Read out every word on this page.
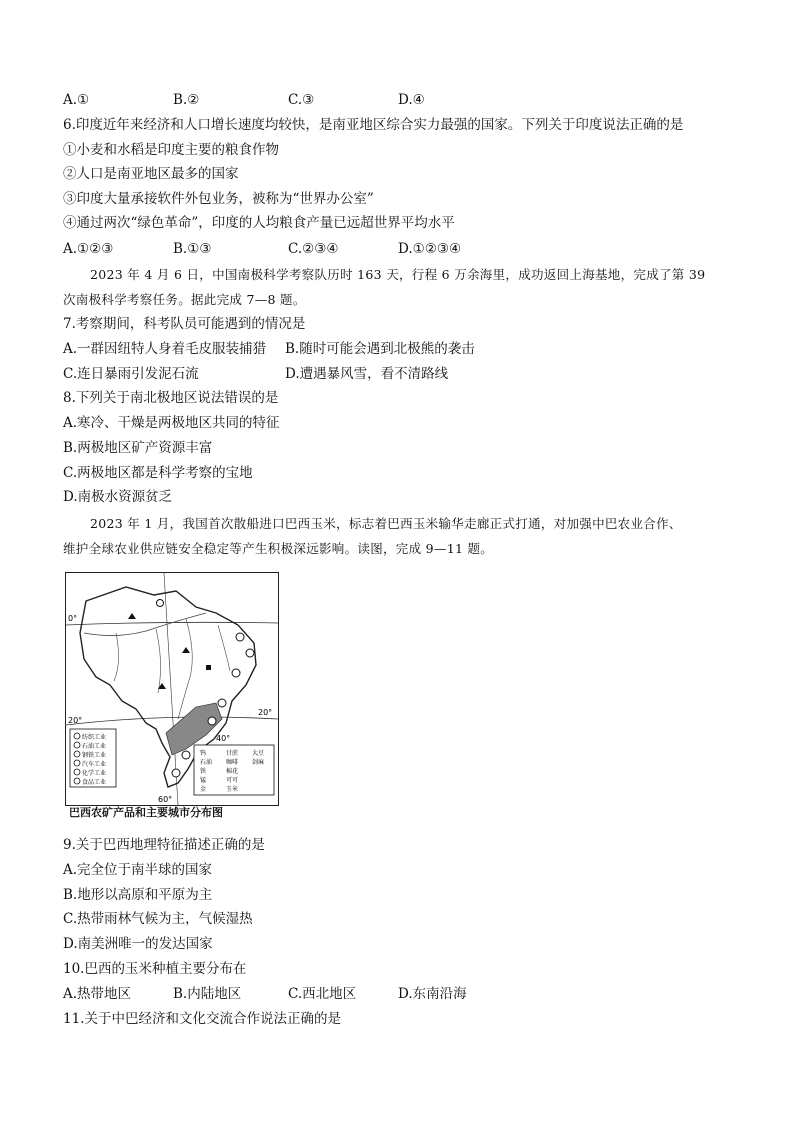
A.①	B.②	C.③	D.④
6.印度近年来经济和人口增长速度均较快，是南亚地区综合实力最强的国家。下列关于印度说法正确的是
①小麦和水稻是印度主要的粮食作物
②人口是南亚地区最多的国家
③印度大量承接软件外包业务，被称为“世界办公室”
④通过两次“绿色革命”，印度的人均粮食产量已远超世界平均水平
A.①②③	B.①③	C.②③④	D.①②③④
2023 年 4 月 6 日，中国南极科学考察队历时 163 天，行程 6 万余海里，成功返回上海基地，完成了第 39
次南极科学考察任务。据此完成 7—8 题。
7.考察期间，科考队员可能遇到的情况是
A.一群因纽特人身着毛皮服装捕猎 B.随时可能会遇到北极熊的袭击
C.连日暴雨引发泥石流	D.遭遇暴风雪，看不清路线
8.下列关于南北极地区说法错误的是
A.寒冷、干燥是两极地区共同的特征
B.两极地区矿产资源丰富
C.两极地区都是科学考察的宝地
D.南极水资源贫乏
2023 年 1 月，我国首次散船进口巴西玉米，标志着巴西玉米输华走廊正式打通，对加强中巴农业合作、
维护全球农业供应链安全稳定等产生积极深远影响。读图，完成 9—11 题。
0°
20°
20°
40°
60°
纺织工业
石油工业
钢铁工业
汽车工业
化学工业
食品工业
钨
石油
铁
锰
金
甘蔗
咖啡
棉花
可可
玉米
大豆
剑麻
巴西农矿产品和主要城市分布图
9.关于巴西地理特征描述正确的是
A.完全位于南半球的国家
B.地形以高原和平原为主
C.热带雨林气候为主，气候湿热
D.南美洲唯一的发达国家
10.巴西的玉米种植主要分布在
A.热带地区	B.内陆地区	C.西北地区	D.东南沿海
11.关于中巴经济和文化交流合作说法正确的是
